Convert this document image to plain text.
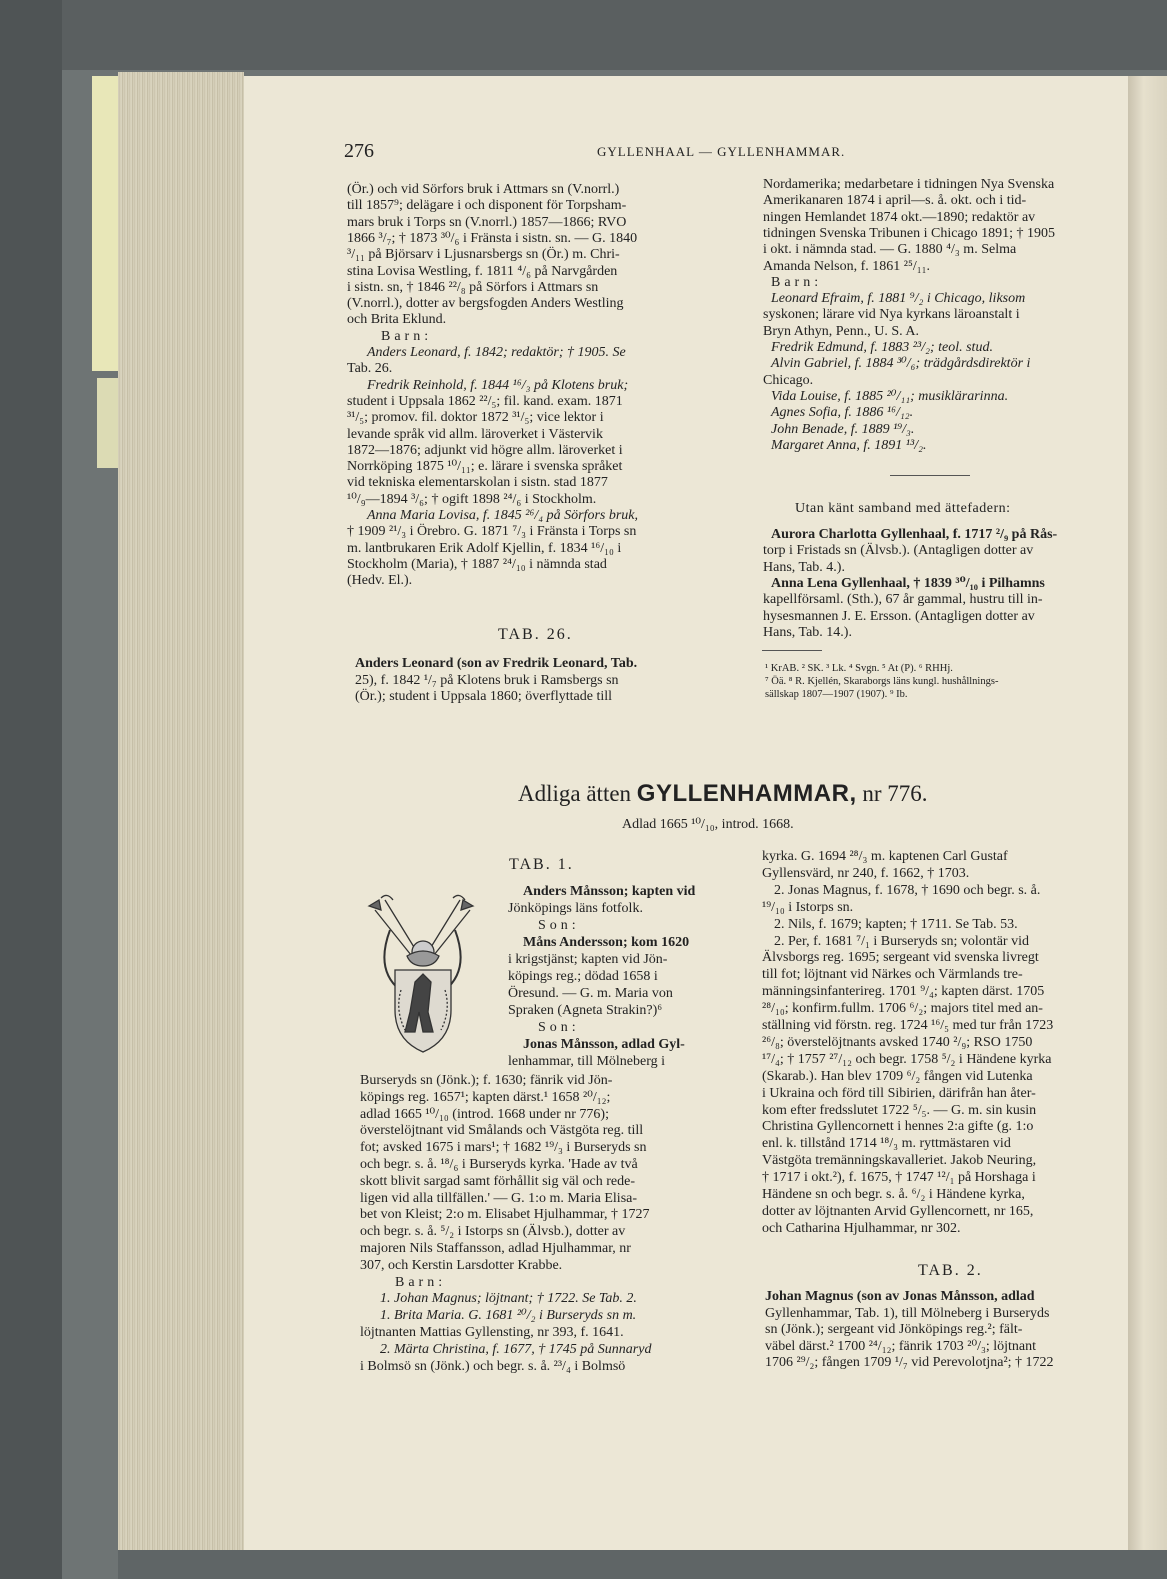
276	GYLLENHAAL — GYLLENHAMMAR.
(Ör.) och vid Sörfors bruk i Attmars sn (V.norrl.)
till 1857⁹; delägare i och disponent för Torpsham-
mars bruk i Torps sn (V.norrl.) 1857—1866; RVO
1866 ³/₇; † 1873 ³⁰/₆ i Fränsta i sistn. sn. — G. 1840
³/₁₁ på Björsarv i Ljusnarsbergs sn (Ör.) m. Chri-
stina Lovisa Westling, f. 1811 ⁴/₆ på Narvgården
i sistn. sn, † 1846 ²²/₈ på Sörfors i Attmars sn
(V.norrl.), dotter av bergsfogden Anders Westling
och Brita Eklund.
Barn:
Anders Leonard, f. 1842; redaktör; † 1905. Se
Tab. 26.
Fredrik Reinhold, f. 1844 ¹⁶/₃ på Klotens bruk;
student i Uppsala 1862 ²²/₅; fil. kand. exam. 1871
³¹/₅; promov. fil. doktor 1872 ³¹/₅; vice lektor i
levande språk vid allm. läroverket i Västervik
1872—1876; adjunkt vid högre allm. läroverket i
Norrköping 1875 ¹⁰/₁₁; e. lärare i svenska språket
vid tekniska elementarskolan i sistn. stad 1877
¹⁰/₉—1894 ³/₆; † ogift 1898 ²⁴/₆ i Stockholm.
Anna Maria Lovisa, f. 1845 ²⁶/₄ på Sörfors bruk,
† 1909 ²¹/₃ i Örebro. G. 1871 ⁷/₃ i Fränsta i Torps sn
m. lantbrukaren Erik Adolf Kjellin, f. 1834 ¹⁶/₁₀ i
Stockholm (Maria), † 1887 ²⁴/₁₀ i nämnda stad
(Hedv. El.).
TAB. 26.
Anders Leonard (son av Fredrik Leonard, Tab.
25), f. 1842 ¹/₇ på Klotens bruk i Ramsbergs sn
(Ör.); student i Uppsala 1860; överflyttade till
Nordamerika; medarbetare i tidningen Nya Svenska
Amerikanaren 1874 i april—s. å. okt. och i tid-
ningen Hemlandet 1874 okt.—1890; redaktör av
tidningen Svenska Tribunen i Chicago 1891; † 1905
i okt. i nämnda stad. — G. 1880 ⁴/₃ m. Selma
Amanda Nelson, f. 1861 ²⁵/₁₁.
Barn:
Leonard Efraim, f. 1881 ⁹/₂ i Chicago, liksom
syskonen; lärare vid Nya kyrkans läroanstalt i
Bryn Athyn, Penn., U. S. A.
Fredrik Edmund, f. 1883 ²³/₂; teol. stud.
Alvin Gabriel, f. 1884 ³⁰/₆; trädgårdsdirektör i
Chicago.
Vida Louise, f. 1885 ²⁰/₁₁; musiklärarinna.
Agnes Sofia, f. 1886 ¹⁶/₁₂.
John Benade, f. 1889 ¹⁹/₃.
Margaret Anna, f. 1891 ¹³/₂.
Utan känt samband med ättefadern:
Aurora Charlotta Gyllenhaal, f. 1717 ²/₉ på Rås-
torp i Fristads sn (Älvsb.). (Antagligen dotter av
Hans, Tab. 4.).
Anna Lena Gyllenhaal, † 1839 ³⁰/₁₀ i Pilhamns
kapellförsaml. (Sth.), 67 år gammal, hustru till in-
hysesmannen J. E. Ersson. (Antagligen dotter av
Hans, Tab. 14.).
¹ KrAB. ² SK. ³ Lk. ⁴ Svgn. ⁵ At (P). ⁶ RHHj.
⁷ Öä. ⁸ R. Kjellén, Skaraborgs läns kungl. hushållnings-
sällskap 1807—1907 (1907). ⁹ Ib.
Adliga ätten GYLLENHAMMAR, nr 776.
Adlad 1665 ¹⁰/₁₀, introd. 1668.
TAB. 1.
Anders Månsson; kapten vid
Jönköpings läns fotfolk.
Son:
Måns Andersson; kom 1620
i krigstjänst; kapten vid Jön-
köpings reg.; dödad 1658 i
Öresund. — G. m. Maria von
Spraken (Agneta Strakin?)⁶
Son:
Jonas Månsson, adlad Gyl-
lenhammar, till Mölneberg i
Burseryds sn (Jönk.); f. 1630; fänrik vid Jön-
köpings reg. 1657¹; kapten därst.¹ 1658 ²⁰/₁₂;
adlad 1665 ¹⁰/₁₀ (introd. 1668 under nr 776);
överstelöjtnant vid Smålands och Västgöta reg. till
fot; avsked 1675 i mars¹; † 1682 ¹⁹/₃ i Burseryds sn
och begr. s. å. ¹⁸/₆ i Burseryds kyrka. 'Hade av två
skott blivit sargad samt förhållit sig väl och rede-
ligen vid alla tillfällen.' — G. 1:o m. Maria Elisa-
bet von Kleist; 2:o m. Elisabet Hjulhammar, † 1727
och begr. s. å. ⁵/₂ i Istorps sn (Älvsb.), dotter av
majoren Nils Staffansson, adlad Hjulhammar, nr
307, och Kerstin Larsdotter Krabbe.
Barn:
1. Johan Magnus; löjtnant; † 1722. Se Tab. 2.
1. Brita Maria. G. 1681 ²⁰/₂ i Burseryds sn m.
löjtnanten Mattias Gyllensting, nr 393, f. 1641.
2. Märta Christina, f. 1677, † 1745 på Sunnaryd
i Bolmsö sn (Jönk.) och begr. s. å. ²³/₄ i Bolmsö
kyrka. G. 1694 ²⁸/₃ m. kaptenen Carl Gustaf
Gyllensvärd, nr 240, f. 1662, † 1703.
2. Jonas Magnus, f. 1678, † 1690 och begr. s. å.
¹⁹/₁₀ i Istorps sn.
2. Nils, f. 1679; kapten; † 1711. Se Tab. 53.
2. Per, f. 1681 ⁷/₁ i Burseryds sn; volontär vid
Älvsborgs reg. 1695; sergeant vid svenska livregt
till fot; löjtnant vid Närkes och Värmlands tre-
männingsinfanterireg. 1701 ⁹/₄; kapten därst. 1705
²⁸/₁₀; konfirm.fullm. 1706 ⁶/₂; majors titel med an-
ställning vid förstn. reg. 1724 ¹⁶/₅ med tur från 1723
²⁶/₈; överstelöjtnants avsked 1740 ²/₉; RSO 1750
¹⁷/₄; † 1757 ²⁷/₁₂ och begr. 1758 ⁵/₂ i Händene kyrka
(Skarab.). Han blev 1709 ⁶/₂ fången vid Lutenka
i Ukraina och förd till Sibirien, därifrån han åter-
kom efter fredsslutet 1722 ⁵/₅. — G. m. sin kusin
Christina Gyllencornett i hennes 2:a gifte (g. 1:o
enl. k. tillstånd 1714 ¹⁸/₃ m. ryttmästaren vid
Västgöta tremänningskavalleriet. Jakob Neuring,
† 1717 i okt.²), f. 1675, † 1747 ¹²/₁ på Horshaga i
Händene sn och begr. s. å. ⁶/₂ i Händene kyrka,
dotter av löjtnanten Arvid Gyllencornett, nr 165,
och Catharina Hjulhammar, nr 302.
TAB. 2.
Johan Magnus (son av Jonas Månsson, adlad
Gyllenhammar, Tab. 1), till Mölneberg i Burseryds
sn (Jönk.); sergeant vid Jönköpings reg.²; fält-
väbel därst.² 1700 ²⁴/₁₂; fänrik 1703 ²⁰/₃; löjtnant
1706 ²⁹/₂; fången 1709 ¹/₇ vid Perevolotjna²; † 1722
